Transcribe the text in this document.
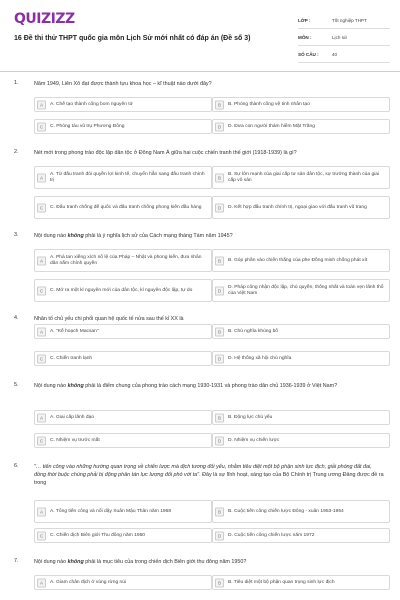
QUIZIZZ
16 Đề thi thử THPT quốc gia môn Lịch Sử mới nhất có đáp án (Đề số 3)
LỚP :	Tốt nghiệp THPT
MÔN :	Lịch sử
SỐ CÂU :	40
1.	Năm 1949, Liên Xô đạt được thành tựu khoa học – kĩ thuật nào dưới đây?
A	A. Chế tạo thành công bom nguyên tử	B	B. Phóng thành công vệ tinh nhân tạo
C	C. Phóng tàu vũ trụ Phương Đông	D	D. Đưa con người thám hiểm Mặt Trăng
2.	Nét mới trong phong trào độc lập dân tộc ở Đông Nam Á giữa hai cuộc chiến tranh thế giới (1918-1939) là gì?
A
A. Từ đấu tranh đòi quyền lợi kinh tế, chuyển hẳn sang đấu tranh chính trị	B
B. Sự lớn mạnh của giai cấp tư sản dân tộc, sự trưởng thành của giai cấp vô sản
C	C. Đấu tranh chống đế quốc và đấu tranh chống phong kiến đầu hàng	D	D. Kết hợp đấu tranh chính trị, ngoại giao với đấu tranh vũ trang
3.	Nội dung nào không phải là ý nghĩa lịch sử của Cách mạng tháng Tám năm 1945?
A
A. Phá tan xiềng xích nô lệ của Pháp – Nhật và phong kiến, đưa nhân dân nắm chính quyền	B	B. Góp phần vào chiến thắng của phe Đồng minh chống phát xít
C	C. Mở ra một kỉ nguyên mới của dân tộc, kỉ nguyên độc lập, tự do	D
D. Pháp công nhận độc lập, chủ quyền, thống nhất và toàn vẹn lãnh thổ của Việt Nam
4.	Nhân tố chủ yếu chi phối quan hệ quốc tế nửa sau thế kỉ XX là
A	A. "Kế hoạch Macsan"	B	B. Chủ nghĩa khủng bố
C	C. Chiến tranh lạnh	D	D. Hệ thống xã hội chủ nghĩa
5.	Nội dung nào không phải là điểm chung của phong trào cách mạng 1930-1931 và phong trào dân chủ 1936-1939 ở Việt Nam?
A	A. Giai cấp lãnh đạo	B	B. Động lực chủ yếu
C	C. Nhiệm vụ trước mắt	D	D. Nhiệm vụ chiến lược
6.	"… tiến công vào những hướng quan trọng về chiến lược mà địch tương đối yếu, nhằm tiêu diệt một bộ phận sinh lực địch, giải phóng đất đai, đồng thời buộc chúng phải bị động phân tán lực lượng đối phó với ta". Đây là sự lĩnh hoạt, sáng tạo của Bộ Chính trị Trung ương Đảng được đề ra trong
A	A. Tổng tiến công và nổi dậy Xuân Mậu Thân năm 1968	B	B. Cuộc tiến công chiến lược Đông - xuân 1953-1954
C	C. Chiến dịch Biên giới Thu đông năm 1950	D	D. Cuộc tiến công chiến lược năm 1972
7.	Nội dung nào không phải là mục tiêu của trong chiến dịch Biên giới thu đông năm 1950?
A	A. Giam chân địch ở vùng rừng núi	B	B. Tiêu diệt một bộ phận quan trọng sinh lực địch
